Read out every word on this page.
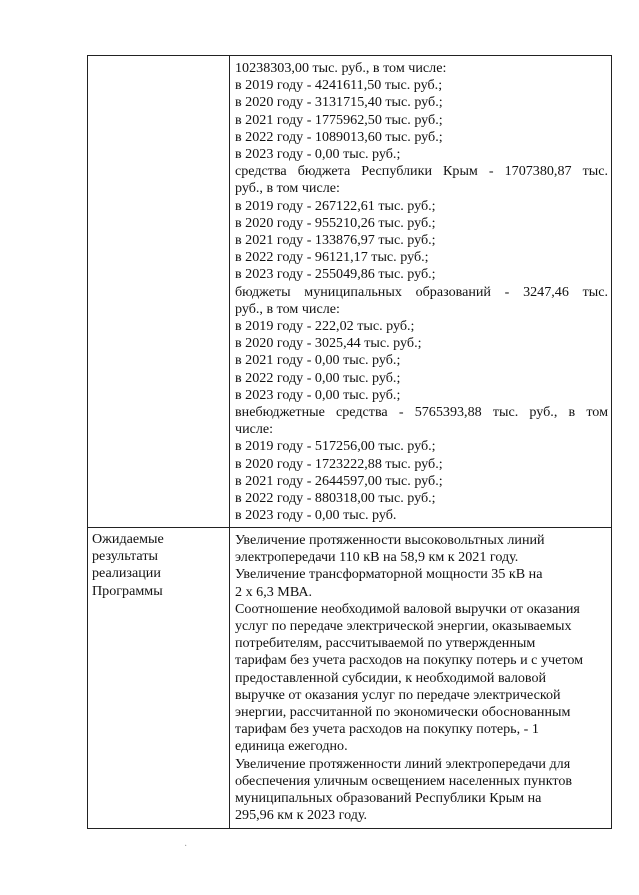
10238303,00 тыс. руб., в том числе:
в 2019 году - 4241611,50 тыс. руб.;
в 2020 году - 3131715,40 тыс. руб.;
в 2021 году - 1775962,50 тыс. руб.;
в 2022 году - 1089013,60 тыс. руб.;
в 2023 году - 0,00 тыс. руб.;
средства бюджета Республики Крым - 1707380,87 тыс.
руб., в том числе:
в 2019 году - 267122,61 тыс. руб.;
в 2020 году - 955210,26 тыс. руб.;
в 2021 году - 133876,97 тыс. руб.;
в 2022 году - 96121,17 тыс. руб.;
в 2023 году - 255049,86 тыс. руб.;
бюджеты муниципальных образований - 3247,46 тыс.
руб., в том числе:
в 2019 году - 222,02 тыс. руб.;
в 2020 году - 3025,44 тыс. руб.;
в 2021 году - 0,00 тыс. руб.;
в 2022 году - 0,00 тыс. руб.;
в 2023 году - 0,00 тыс. руб.;
внебюджетные средства - 5765393,88 тыс. руб., в том
числе:
в 2019 году - 517256,00 тыс. руб.;
в 2020 году - 1723222,88 тыс. руб.;
в 2021 году - 2644597,00 тыс. руб.;
в 2022 году - 880318,00 тыс. руб.;
в 2023 году - 0,00 тыс. руб.
Ожидаемые
результаты
реализации
Программы
Увеличение протяженности высоковольтных линий
электропередачи 110 кВ на 58,9 км к 2021 году.
Увеличение трансформаторной мощности 35 кВ на
2 x 6,3 МВА.
Соотношение необходимой валовой выручки от оказания
услуг по передаче электрической энергии, оказываемых
потребителям, рассчитываемой по утвержденным
тарифам без учета расходов на покупку потерь и с учетом
предоставленной субсидии, к необходимой валовой
выручке от оказания услуг по передаче электрической
энергии, рассчитанной по экономически обоснованным
тарифам без учета расходов на покупку потерь, - 1
единица ежегодно.
Увеличение протяженности линий электропередачи для
обеспечения уличным освещением населенных пунктов
муниципальных образований Республики Крым на
295,96 км к 2023 году.
·
